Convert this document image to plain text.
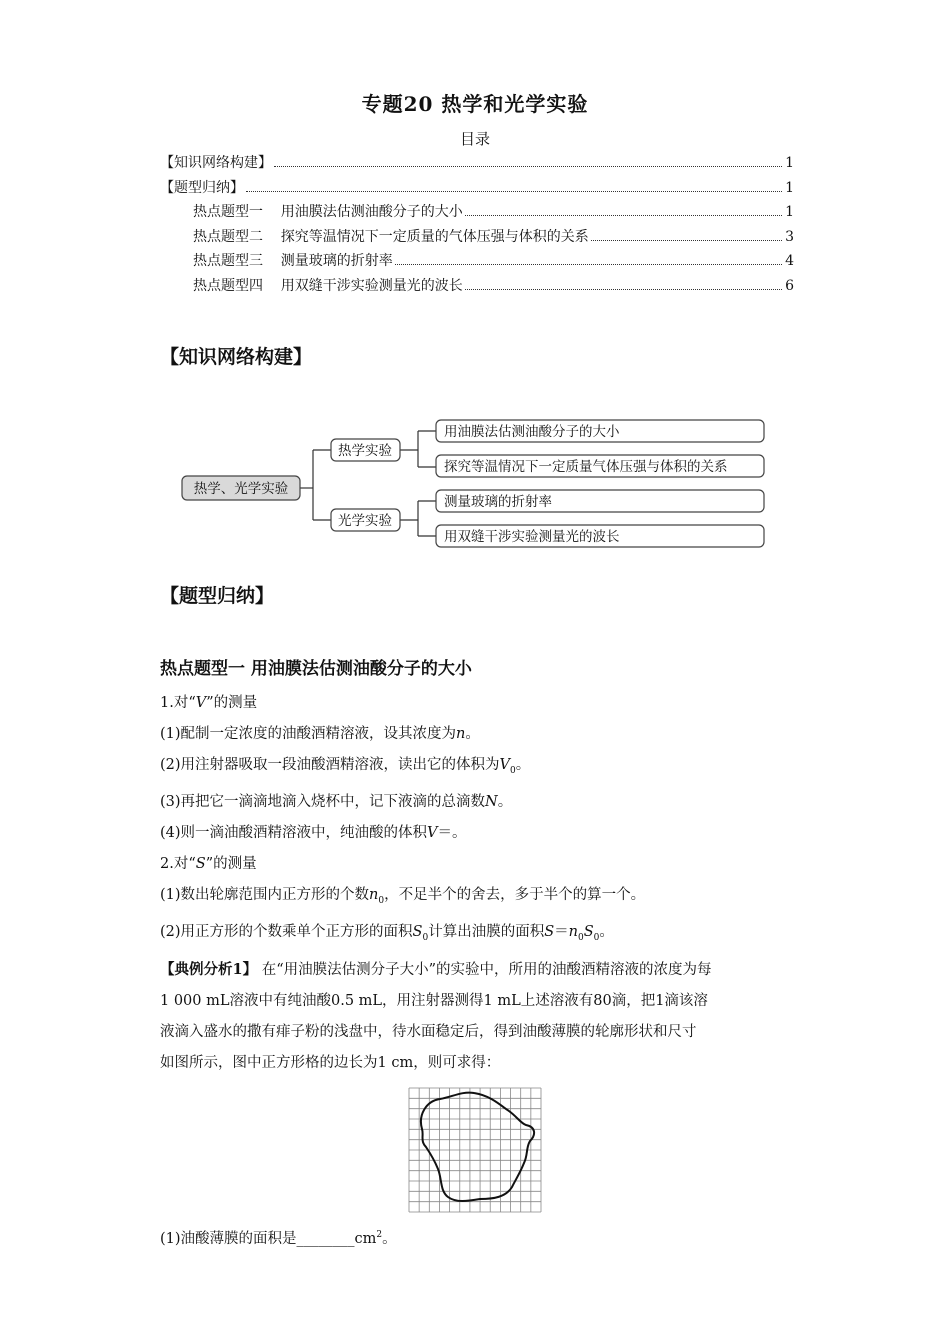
专题20 热学和光学实验
目录
【知识网络构建】	1
【题型归纳】	1
热点题型一    用油膜法估测油酸分子的大小	1
热点题型二    探究等温情况下一定质量的气体压强与体积的关系	3
热点题型三    测量玻璃的折射率	4
热点题型四    用双缝干涉实验测量光的波长	6
【知识网络构建】
热学、光学实验
热学实验
光学实验
用油膜法估测油酸分子的大小
探究等温情况下一定质量气体压强与体积的关系
测量玻璃的折射率
用双缝干涉实验测量光的波长
【题型归纳】
热点题型一 用油膜法估测油酸分子的大小

1.对“V”的测量

(1)配制一定浓度的油酸酒精溶液，设其浓度为n。

(2)用注射器吸取一段油酸酒精溶液，读出它的体积为$V_0$。

(3)再把它一滴滴地滴入烧杯中，记下液滴的总滴数N。

(4)则一滴油酸酒精溶液中，纯油酸的体积V＝。

2.对“S”的测量

(1)数出轮廓范围内正方形的个数$n_0$，不足半个的舍去，多于半个的算一个。

(2)用正方形的个数乘单个正方形的面积$S_0$计算出油膜的面积$S=n_0S_0$。

【典例分析1】 在“用油膜法估测分子大小”的实验中，所用的油酸酒精溶液的浓度为每

1 000 mL溶液中有纯油酸0.5 mL，用注射器测得1 mL上述溶液有80滴，把1滴该溶

液滴入盛水的撒有痱子粉的浅盘中，待水面稳定后，得到油酸薄膜的轮廓形状和尺寸

如图所示，图中正方形格的边长为1 cm，则可求得：

(1)油酸薄膜的面积是$\_\_\_\_\_\_\_\_cm^2$。
